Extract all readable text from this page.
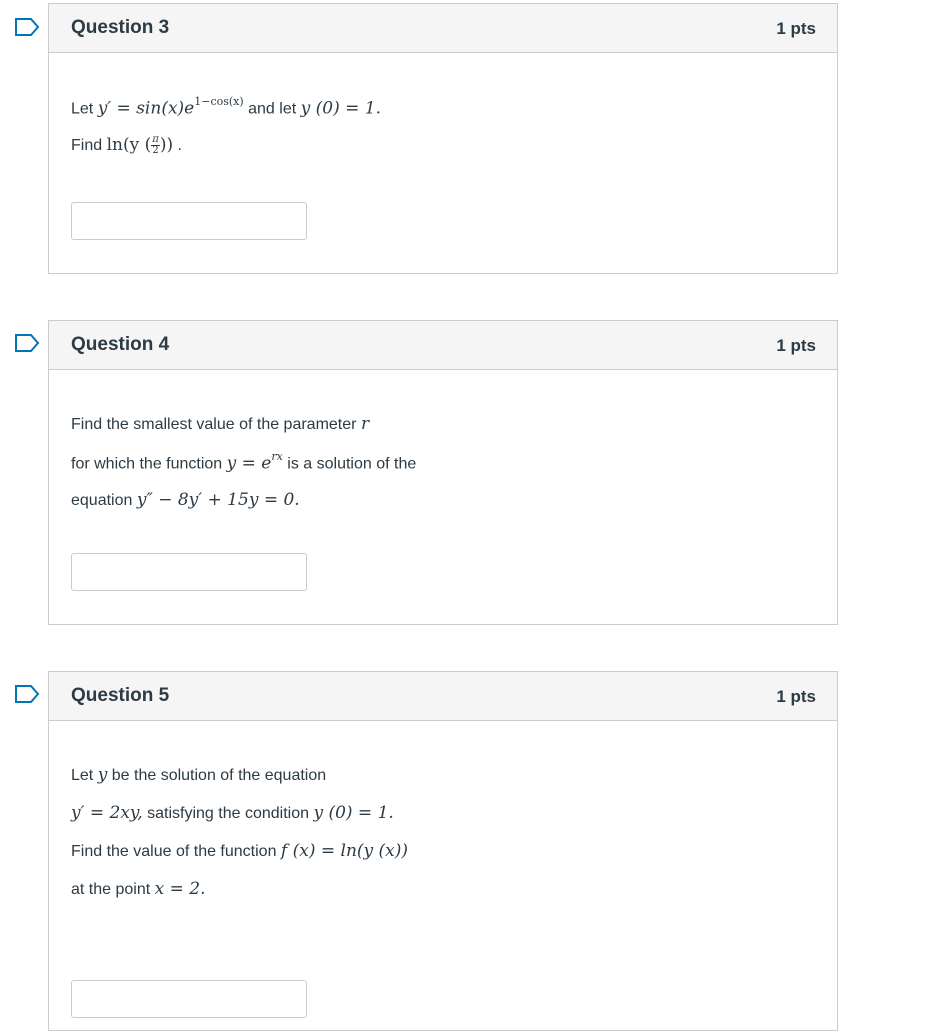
Question 3	1 pts
Let $y' = \sin(x)e^{1-cos(x)}$ and let y (0) = 1.
Find ln(y ( $\frac{\pi}{2}$ )) .
Question 4	1 pts
Find the smallest value of the parameter r
for which the function $y = e^{rx}$ is a solution of the
equation y″ − 8y′ + 15y = 0.
Question 5	1 pts
Let y be the solution of the equation
y′ = 2xy, satisfying the condition y (0) = 1.
Find the value of the function f (x) = ln(y (x))
at the point x = 2.
